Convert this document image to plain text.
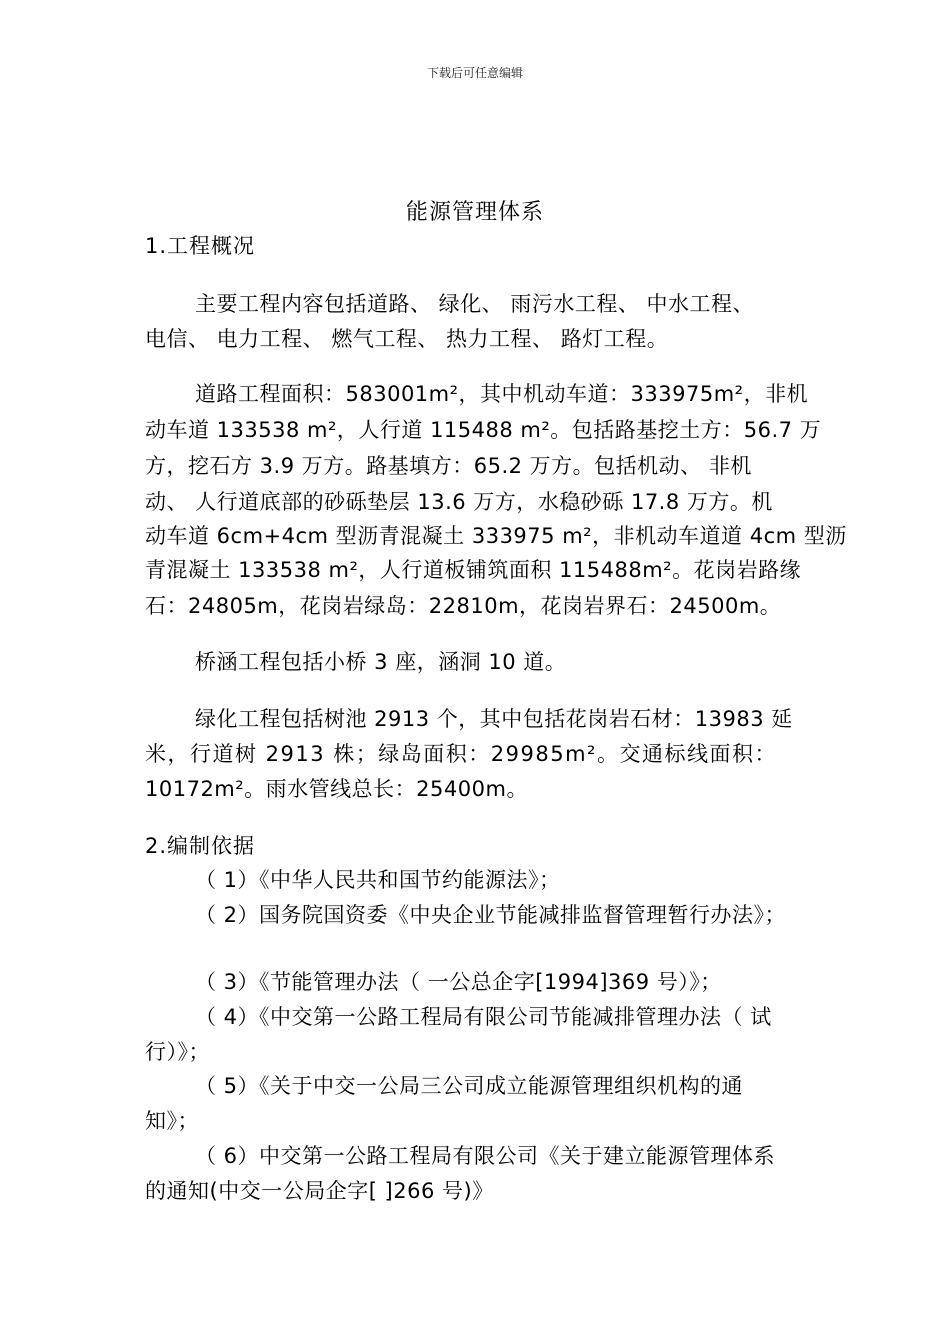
下载后可任意编辑
能源管理体系
1.工程概况
主要工程内容包括道路、 绿化、 雨污水工程、 中水工程、
电信、 电力工程、 燃气工程、 热力工程、 路灯工程。
道路工程面积：583001m²，其中机动车道：333975m²，非机
动车道 133538 m²，人行道 115488 m²。包括路基挖土方：56.7 万
方，挖石方 3.9 万方。路基填方：65.2 万方。包括机动、 非机
动、 人行道底部的砂砾垫层 13.6 万方，水稳砂砾 17.8 万方。机
动车道 6cm+4cm 型沥青混凝土 333975 m²，非机动车道道 4cm 型沥
青混凝土 133538 m²，人行道板铺筑面积 115488m²。花岗岩路缘
石：24805m，花岗岩绿岛：22810m，花岗岩界石：24500m。
桥涵工程包括小桥 3 座，涵洞 10 道。
绿化工程包括树池 2913 个，其中包括花岗岩石材：13983 延
米，行道树 2913 株；绿岛面积：29985m²。交通标线面积：
10172m²。雨水管线总长：25400m。
2.编制依据
（ 1）《中华人民共和国节约能源法》；
（ 2）国务院国资委《中央企业节能减排监督管理暂行办法》；
（ 3）《节能管理办法（ 一公总企字[1994]369 号）》；
（ 4）《中交第一公路工程局有限公司节能减排管理办法（ 试
行）》；
（ 5）《关于中交一公局三公司成立能源管理组织机构的通
知》；
（ 6）中交第一公路工程局有限公司《关于建立能源管理体系
的通知(中交一公局企字[ ]266 号)》
